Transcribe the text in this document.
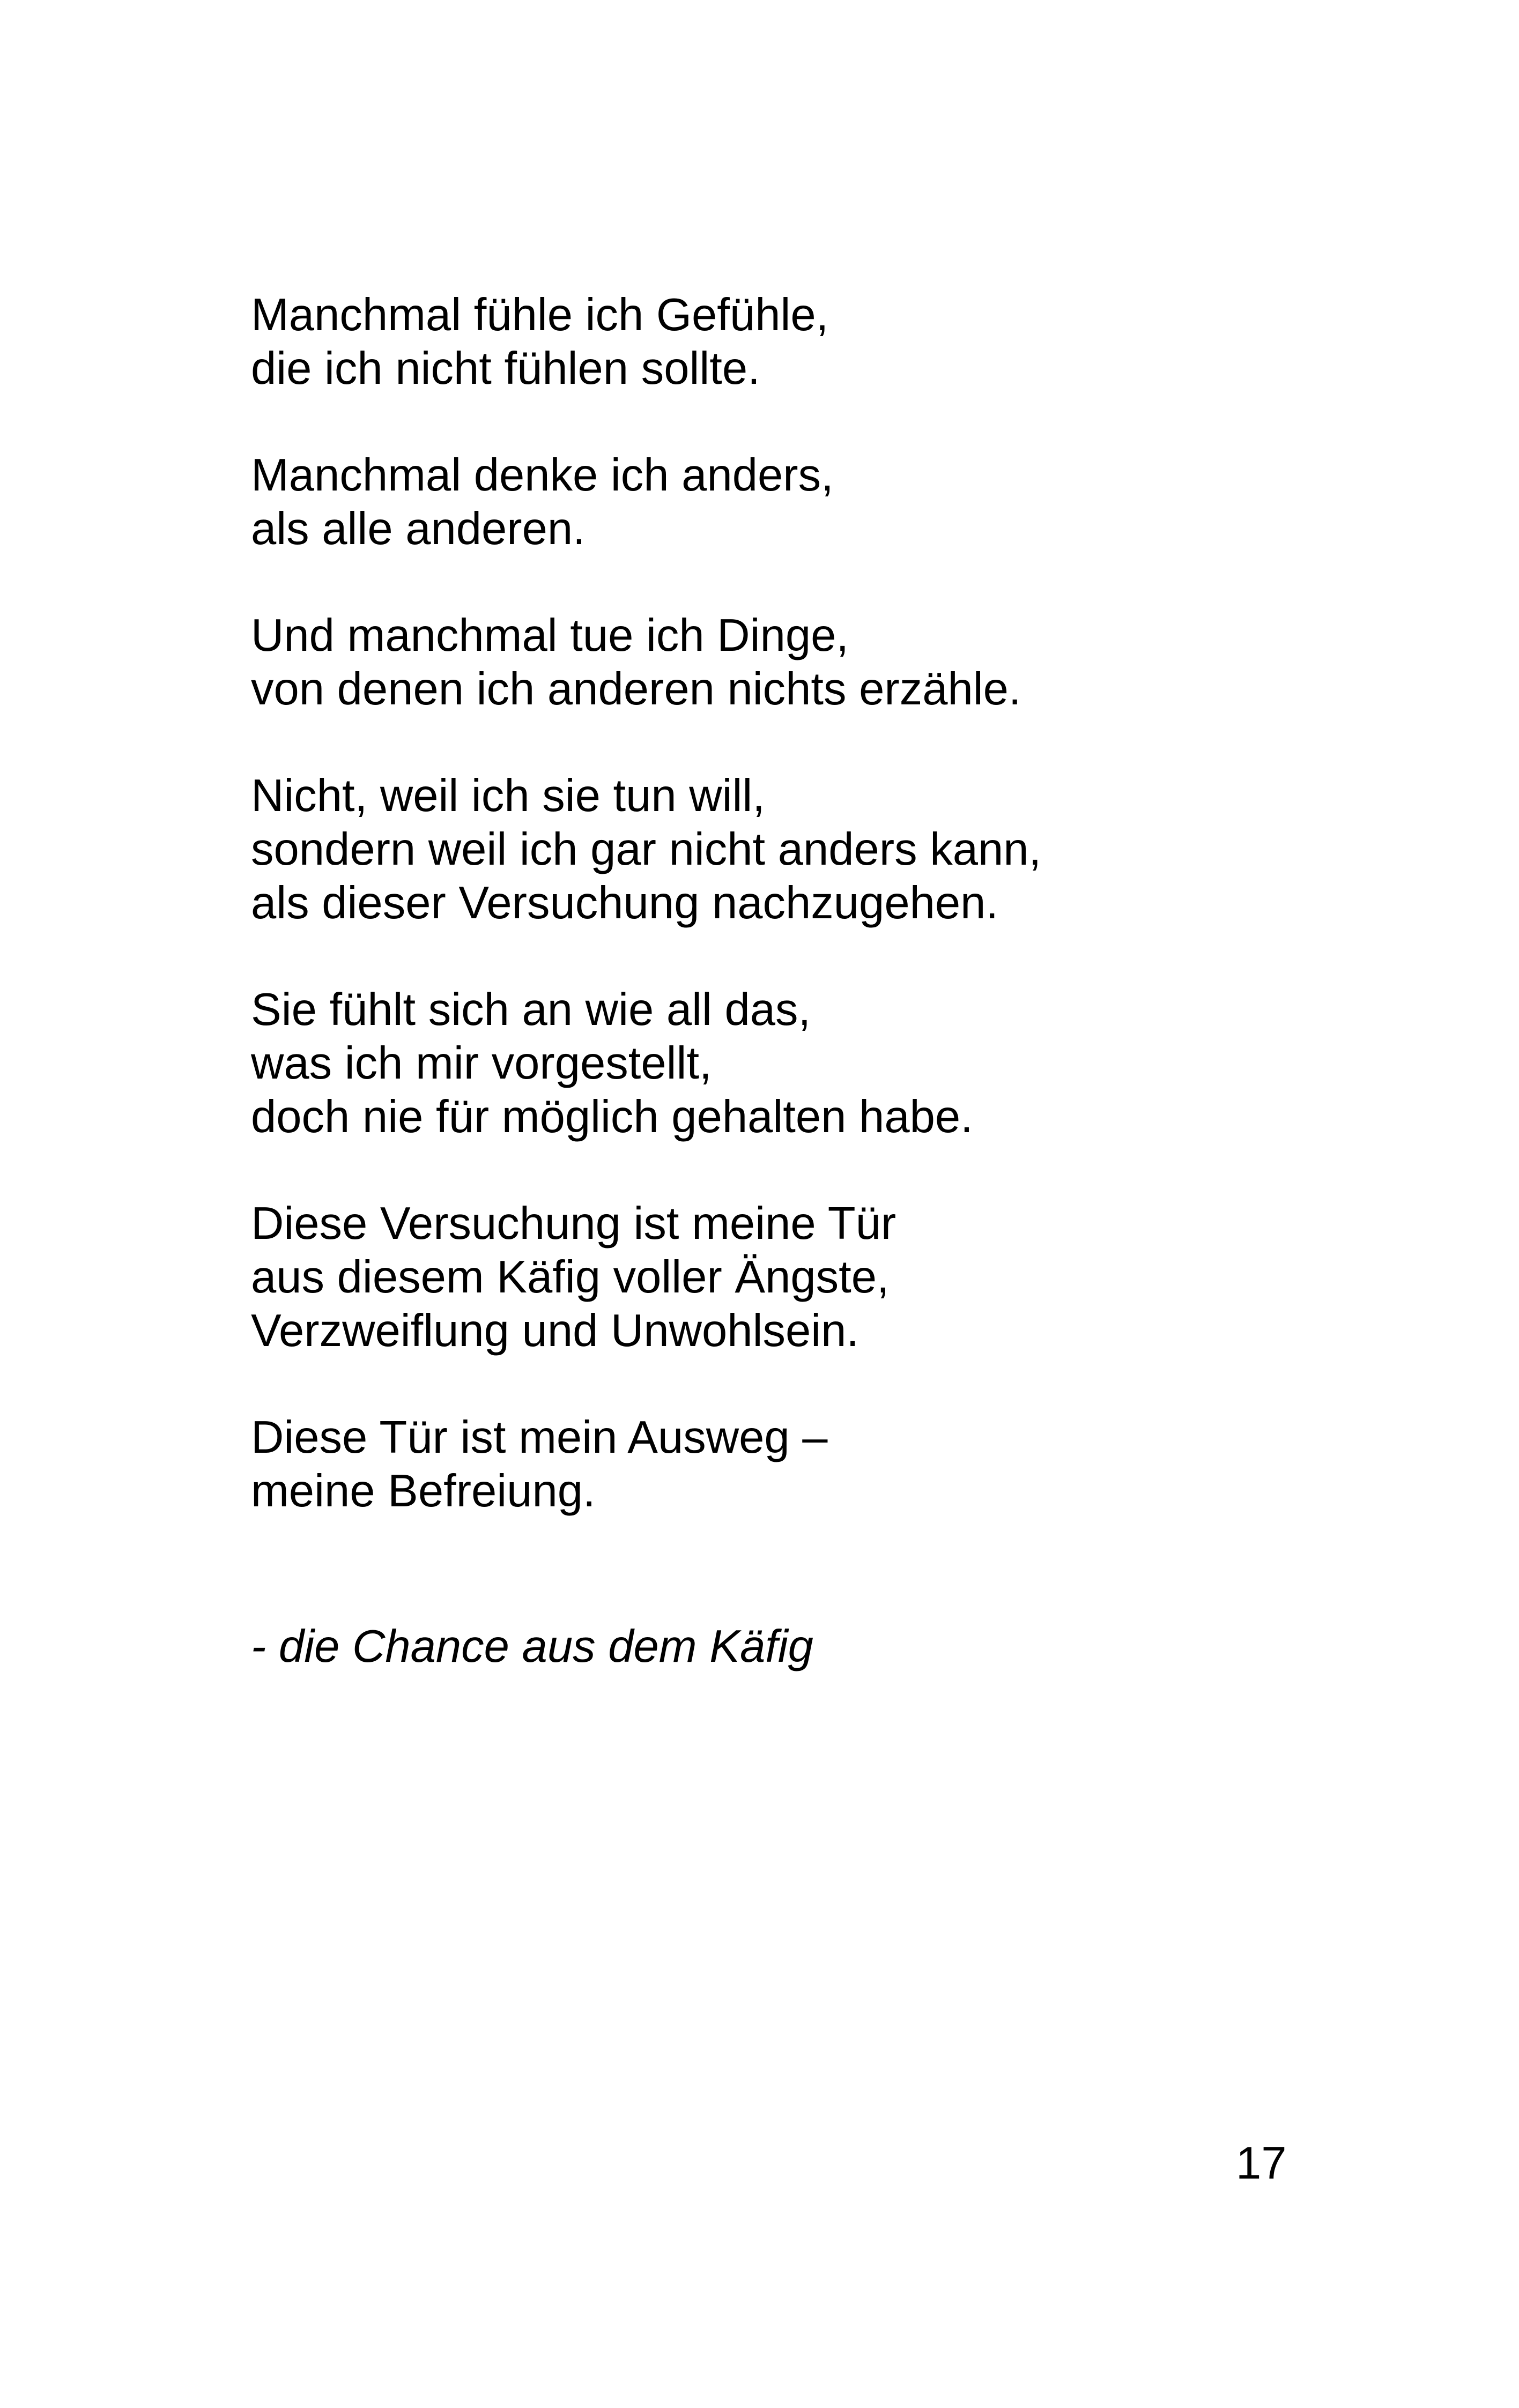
Manchmal fühle ich Gefühle,
die ich nicht fühlen sollte.
Manchmal denke ich anders,
als alle anderen.
Und manchmal tue ich Dinge,
von denen ich anderen nichts erzähle.
Nicht, weil ich sie tun will,
sondern weil ich gar nicht anders kann,
als dieser Versuchung nachzugehen.
Sie fühlt sich an wie all das,
was ich mir vorgestellt,
doch nie für möglich gehalten habe.
Diese Versuchung ist meine Tür
aus diesem Käfig voller Ängste,
Verzweiflung und Unwohlsein.
Diese Tür ist mein Ausweg –
meine Befreiung.
- die Chance aus dem Käfig
17
